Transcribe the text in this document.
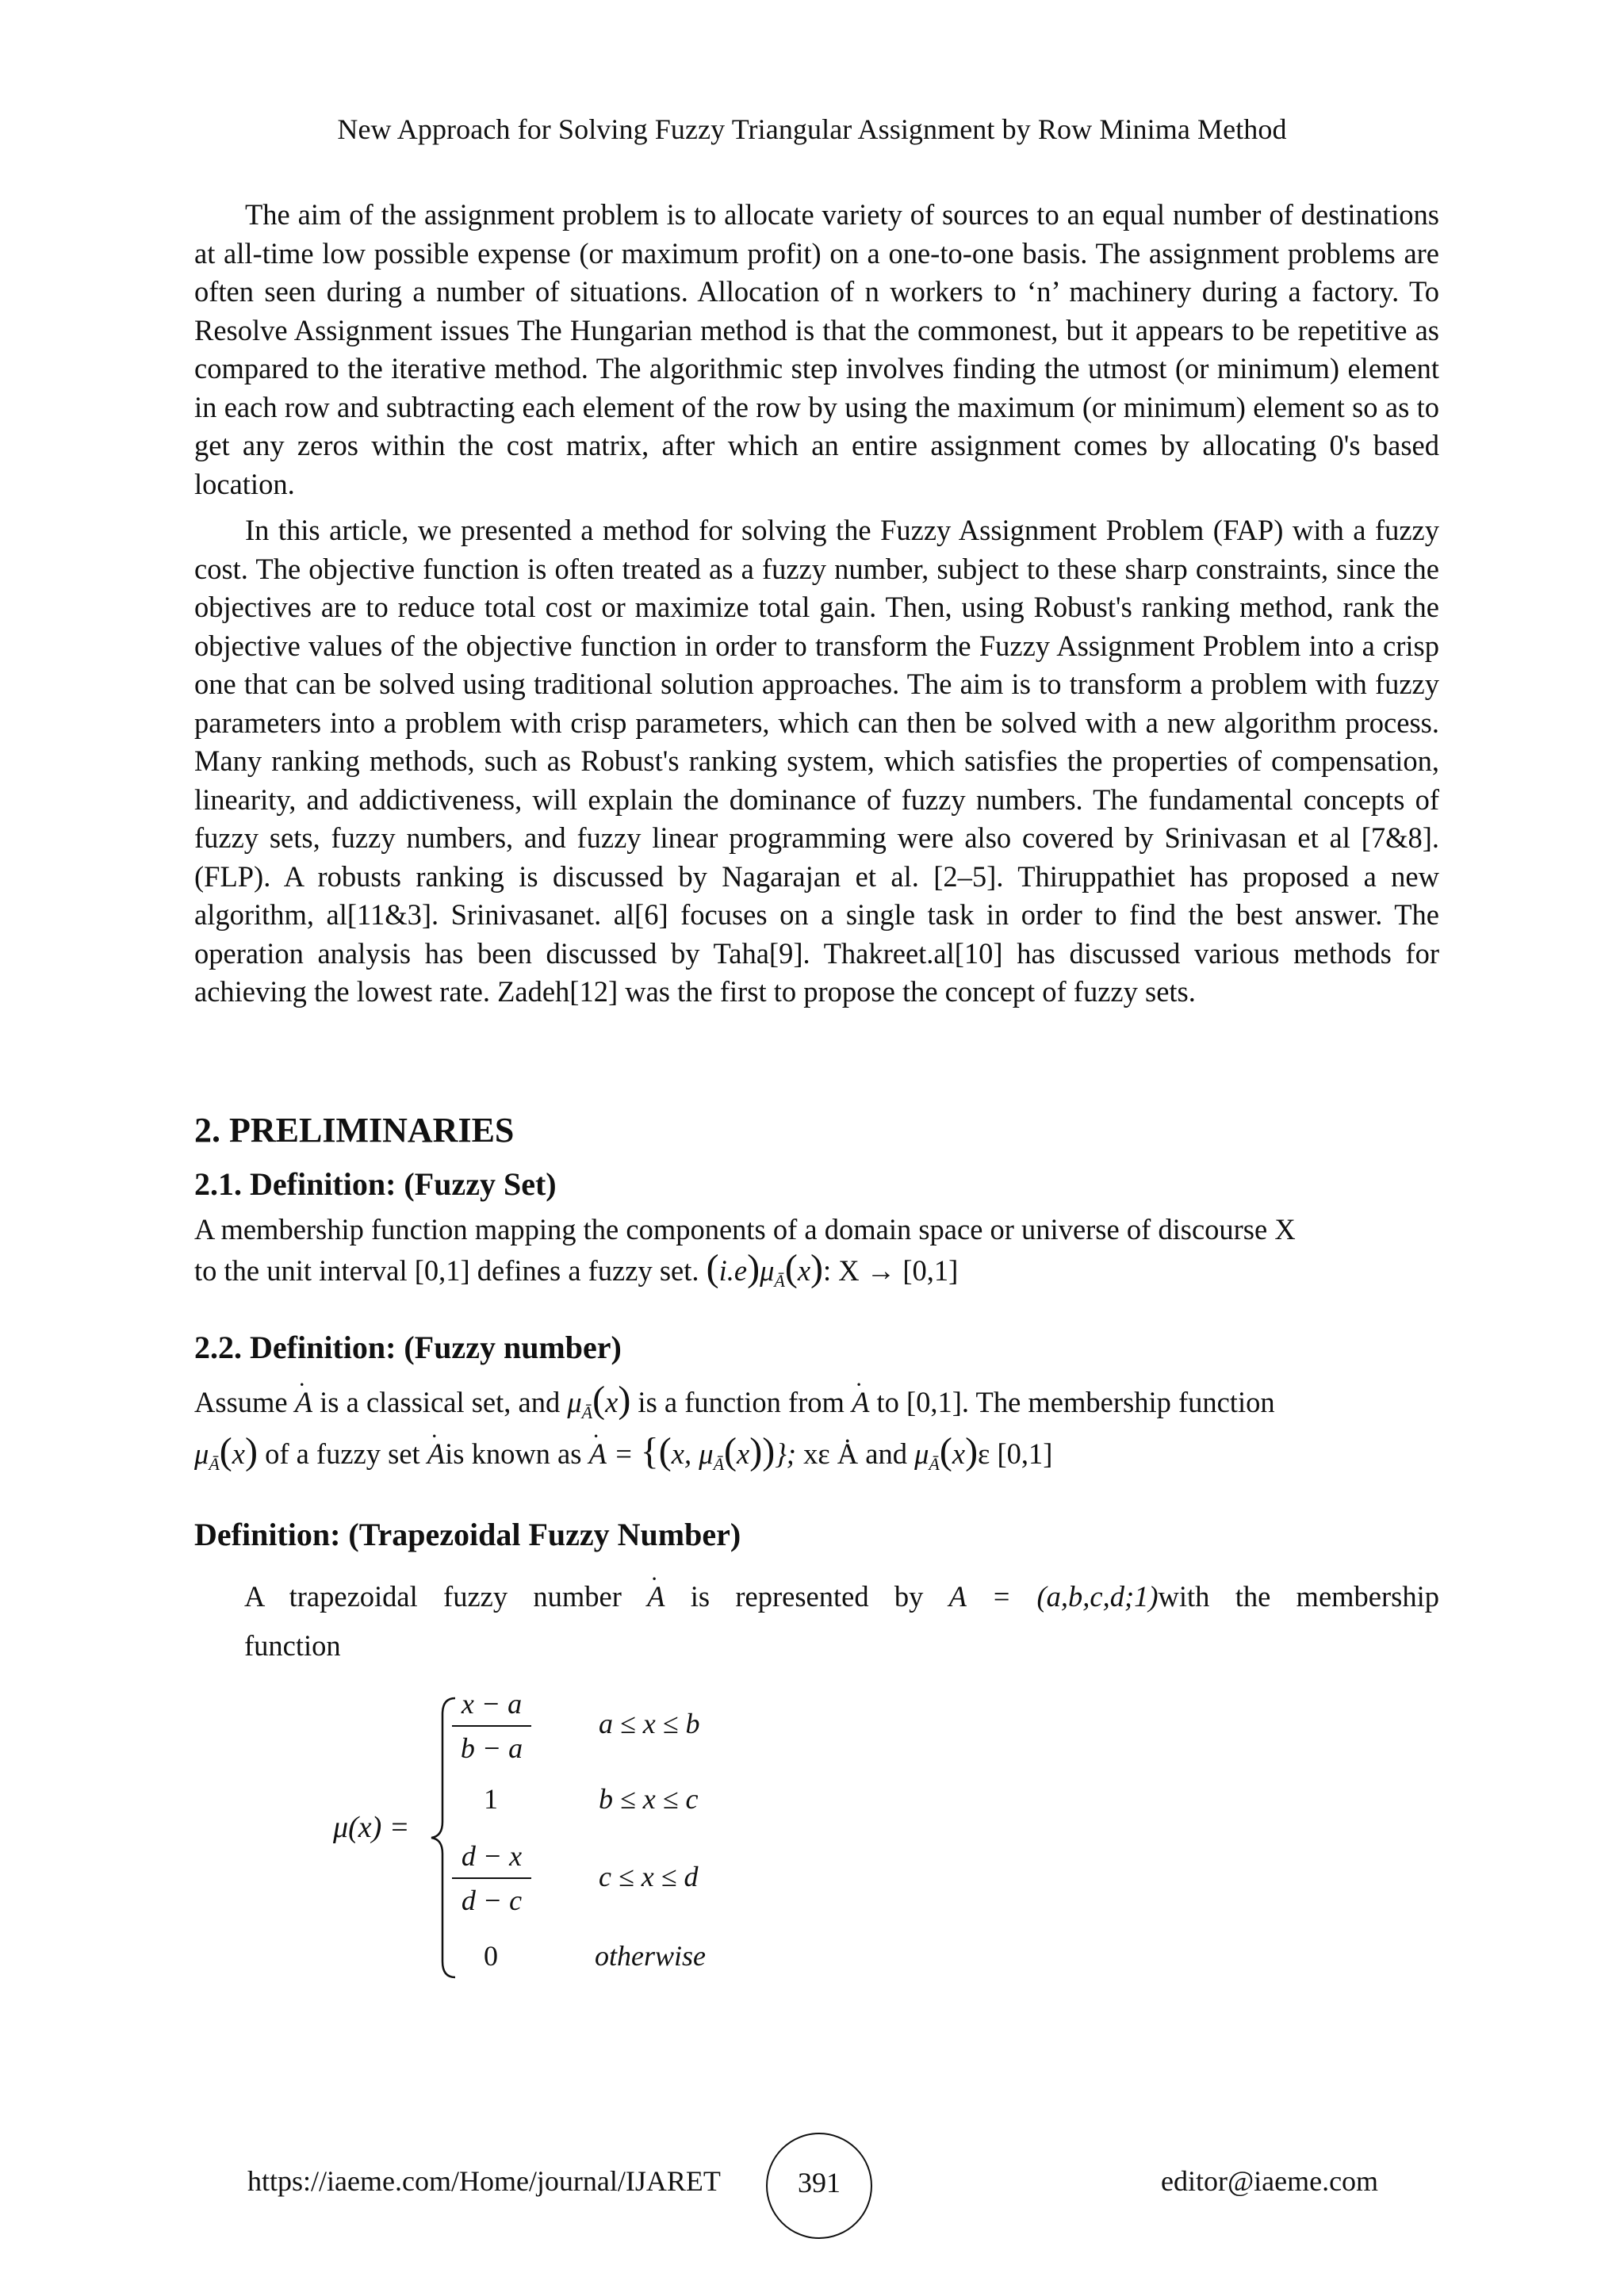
New Approach for Solving Fuzzy Triangular Assignment by Row Minima Method

The aim of the assignment problem is to allocate variety of sources to an equal number of destinations at all-time low possible expense (or maximum profit) on a one-to-one basis. The assignment problems are often seen during a number of situations. Allocation of n workers to ‘n’ machinery during a factory. To Resolve Assignment issues The Hungarian method is that the commonest, but it appears to be repetitive as compared to the iterative method. The algorithmic step involves finding the utmost (or minimum) element in each row and subtracting each element of the row by using the maximum (or minimum) element so as to get any zeros within the cost matrix, after which an entire assignment comes by allocating 0's based location.

In this article, we presented a method for solving the Fuzzy Assignment Problem (FAP) with a fuzzy cost. The objective function is often treated as a fuzzy number, subject to these sharp constraints, since the objectives are to reduce total cost or maximize total gain. Then, using Robust's ranking method, rank the objective values of the objective function in order to transform the Fuzzy Assignment Problem into a crisp one that can be solved using traditional solution approaches. The aim is to transform a problem with fuzzy parameters into a problem with crisp parameters, which can then be solved with a new algorithm process. Many ranking methods, such as Robust's ranking system, which satisfies the properties of compensation, linearity, and addictiveness, will explain the dominance of fuzzy numbers. The fundamental concepts of fuzzy sets, fuzzy numbers, and fuzzy linear programming were also covered by Srinivasan et al [7&8]. (FLP). A robusts ranking is discussed by Nagarajan et al. [2–5]. Thiruppathiet has proposed a new algorithm, al[11&3]. Srinivasanet. al[6] focuses on a single task in order to find the best answer. The operation analysis has been discussed by Taha[9]. Thakreet.al[10] has discussed various methods for achieving the lowest rate. Zadeh[12] was the first to propose the concept of fuzzy sets.

2. PRELIMINARIES
2.1. Definition: (Fuzzy Set)
A membership function mapping the components of a domain space or universe of discourse X
to the unit interval [0,1] defines a fuzzy set. $(i.e)\mu_Ā(x)$: X → [0,1]
2.2. Definition: (Fuzzy number)
Assume · A is a classical set, and $\mu_Ā(x)$ is a function from · A to [0,1]. The membership function
$\mu_Ā(x)$ of a fuzzy set · Ais known as · A = {(x, $\mu_Ā(x)$)}; xε Ȧ and $\mu_Ā(x)\varepsilon$ [0,1]
Definition: (Trapezoidal Fuzzy Number)
A trapezoidal fuzzy number · A is represented by A = (a,b,c,d;1)with the membership
function
μ(x) =
x − a
b − a
a ≤ x ≤ b
1	b ≤ x ≤ c
d − x
d − c
c ≤ x ≤ d
0	otherwise
https://iaeme.com/Home/journal/IJARET	391	editor@iaeme.com
